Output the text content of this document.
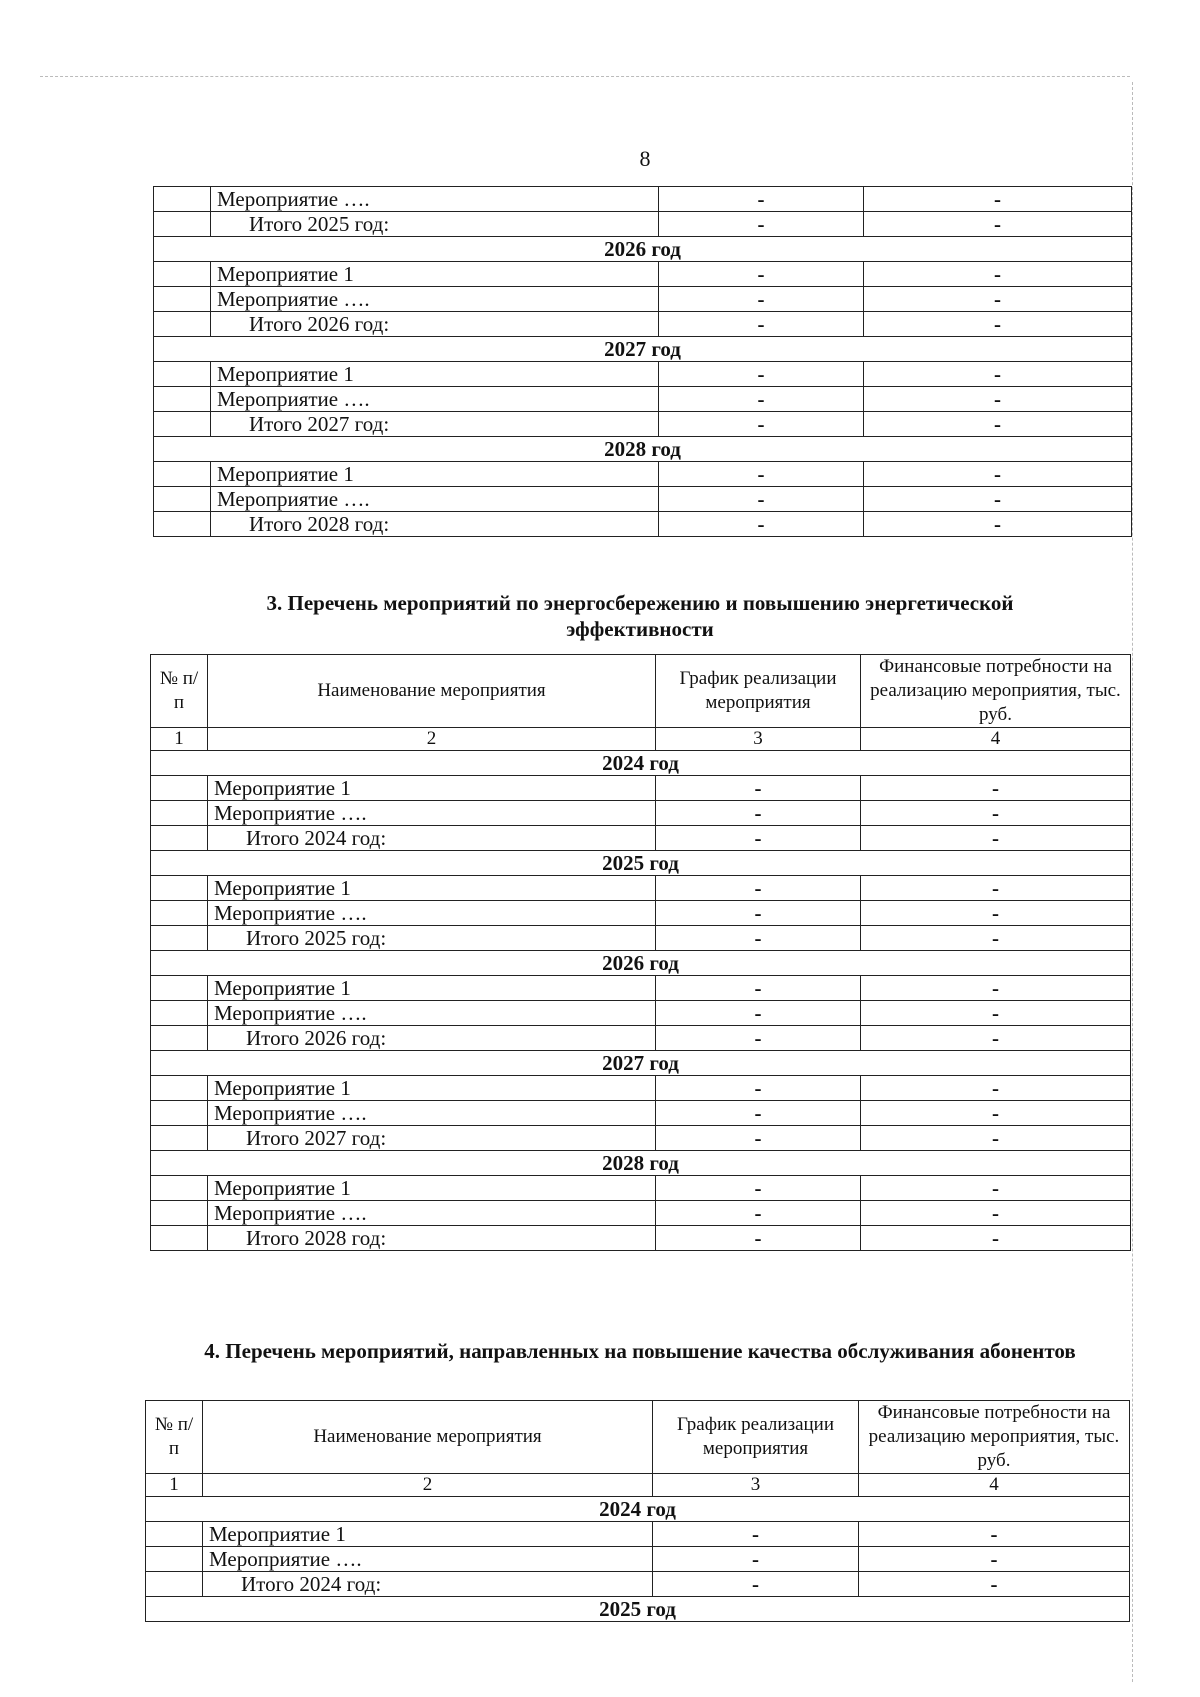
8
	Мероприятие ….	-	-
	Итого 2025 год:	-	-
2026 год			
	Мероприятие 1	-	-
	Мероприятие ….	-	-
	Итого 2026 год:	-	-
2027 год			
	Мероприятие 1	-	-
	Мероприятие ….	-	-
	Итого 2027 год:	-	-
2028 год			
	Мероприятие 1	-	-
	Мероприятие ….	-	-
	Итого 2028 год:	-	-
3. Перечень мероприятий по энергосбережению и повышению энергетической эффективности
№ п/п	Наименование мероприятия	График реализации мероприятия	Финансовые потребности на реализацию мероприятия, тыс. руб.
1	2	3	4
2024 год			
	Мероприятие 1	-	-
	Мероприятие ….	-	-
	Итого 2024 год:	-	-
2025 год			
	Мероприятие 1	-	-
	Мероприятие ….	-	-
	Итого 2025 год:	-	-
2026 год			
	Мероприятие 1	-	-
	Мероприятие ….	-	-
	Итого 2026 год:	-	-
2027 год			
	Мероприятие 1	-	-
	Мероприятие ….	-	-
	Итого 2027 год:	-	-
2028 год			
	Мероприятие 1	-	-
	Мероприятие ….	-	-
	Итого 2028 год:	-	-
4. Перечень мероприятий, направленных на повышение качества обслуживания абонентов
№ п/п	Наименование мероприятия	График реализации мероприятия	Финансовые потребности на реализацию мероприятия, тыс. руб.
1	2	3	4
2024 год			
	Мероприятие 1	-	-
	Мероприятие ….	-	-
	Итого 2024 год:	-	-
2025 год			
